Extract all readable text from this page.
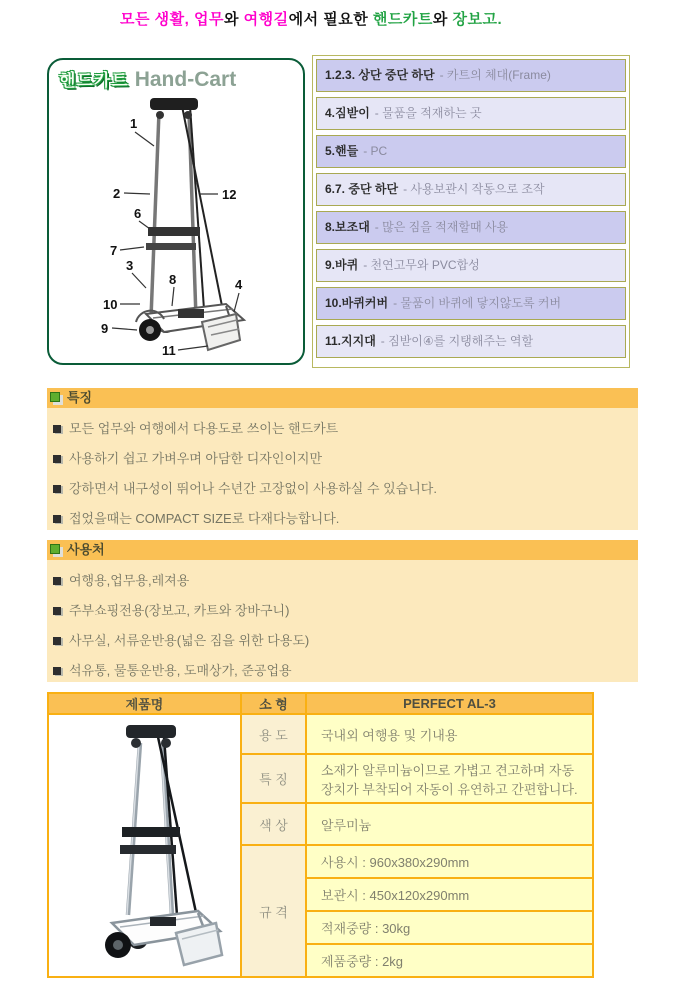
모든 생활, 업무와 여행길에서 필요한 핸드카트와 장보고.
핸드카트 Hand-Cart
1
2	12
6
7
3
8	4
10
9
11
1.2.3. 상단 중단 하단 - 카트의 체대(Frame)
4.짐받이 - 물품을 적재하는 곳
5.핸들 - PC
6.7. 중단 하단 - 사용보관시 작동으로 조작
8.보조대 - 많은 짐을 적재할때 사용
9.바퀴 - 천연고무와 PVC합성
10.바퀴커버 - 물품이 바퀴에 닿지않도록 커버
11.지지대 - 짐받이④를 지탱해주는 역할
특징
모든 업무와 여행에서 다용도로 쓰이는 핸드카트
사용하기 쉽고 가벼우며 아담한 디자인이지만
강하면서 내구성이 뛰어나 수년간 고장없이 사용하실 수 있습니다.
접었을때는 COMPACT SIZE로 다재다능합니다.
사용처
여행용,업무용,레져용
주부쇼핑전용(장보고, 카트와 장바구니)
사무실, 서류운반용(넓은 짐을 위한 다용도)
석유통, 물통운반용, 도매상가, 준공업용
제품명	소 형	PERFECT AL-3
	용 도	국내외 여행용 및 기내용
	특 징	소재가 알루미늄이므로 가볍고 견고하며 자동장치가 부착되어 자동이 유연하고 간편합니다.
	색 상	알루미늄
	규 격	사용시 : 960x380x290mm
		보관시 : 450x120x290mm
		적재중량 : 30kg
		제품중량 : 2kg
